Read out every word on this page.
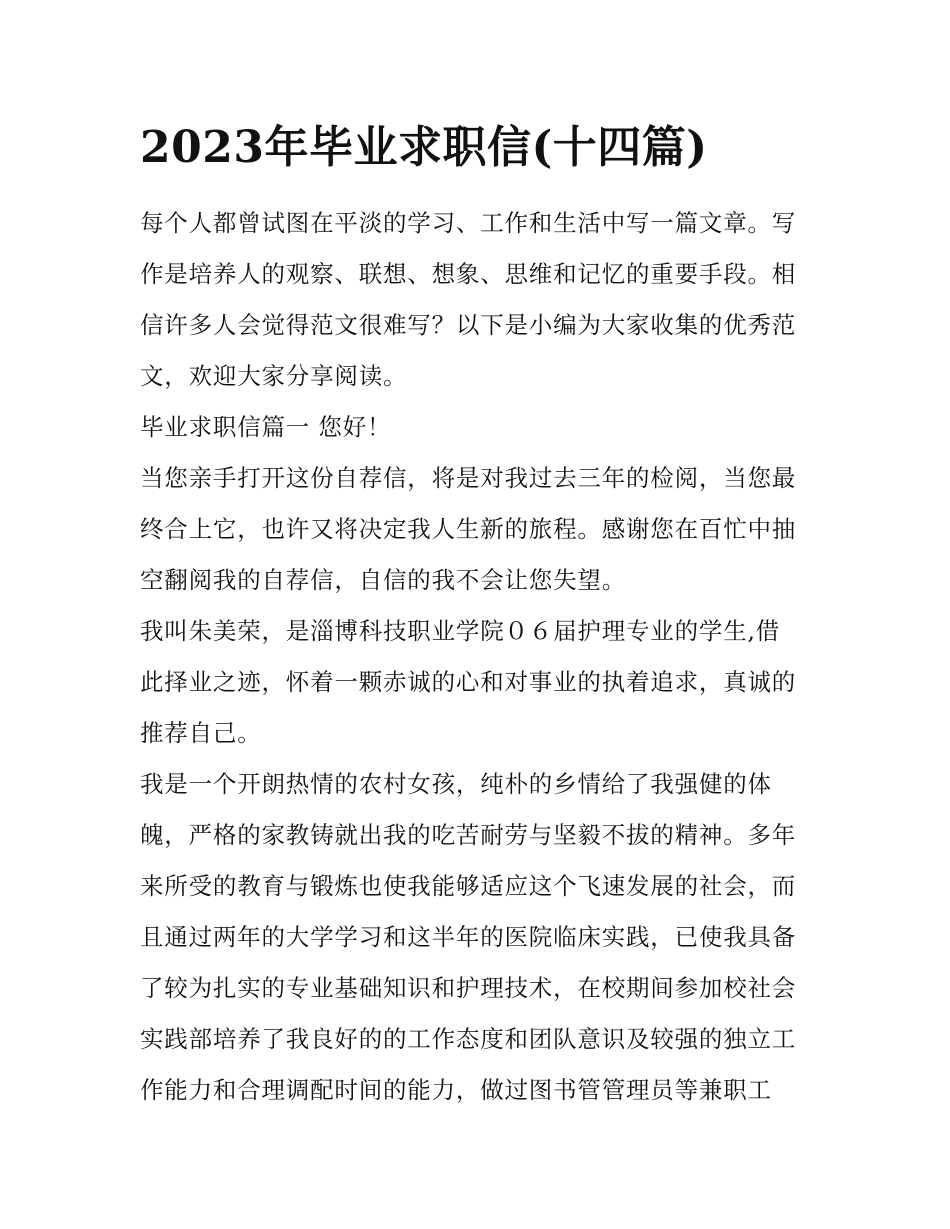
2023年毕业求职信(十四篇)

每个人都曾试图在平淡的学习、工作和生活中写一篇文章。写
作是培养人的观察、联想、想象、思维和记忆的重要手段。相
信许多人会觉得范文很难写？以下是小编为大家收集的优秀范
文，欢迎大家分享阅读。

毕业求职信篇一 您好！

当您亲手打开这份自荐信，将是对我过去三年的检阅，当您最
终合上它，也许又将决定我人生新的旅程。感谢您在百忙中抽
空翻阅我的自荐信，自信的我不会让您失望。

我叫朱美荣，是淄博科技职业学院０６届护理专业的学生,借
此择业之迹，怀着一颗赤诚的心和对事业的执着追求，真诚的
推荐自己。

我是一个开朗热情的农村女孩，纯朴的乡情给了我强健的体
魄，严格的家教铸就出我的吃苦耐劳与坚毅不拔的精神。多年
来所受的教育与锻炼也使我能够适应这个飞速发展的社会，而
且通过两年的大学学习和这半年的医院临床实践，已使我具备
了较为扎实的专业基础知识和护理技术，在校期间参加校社会
实践部培养了我良好的的工作态度和团队意识及较强的独立工
作能力和合理调配时间的能力，做过图书管管理员等兼职工
